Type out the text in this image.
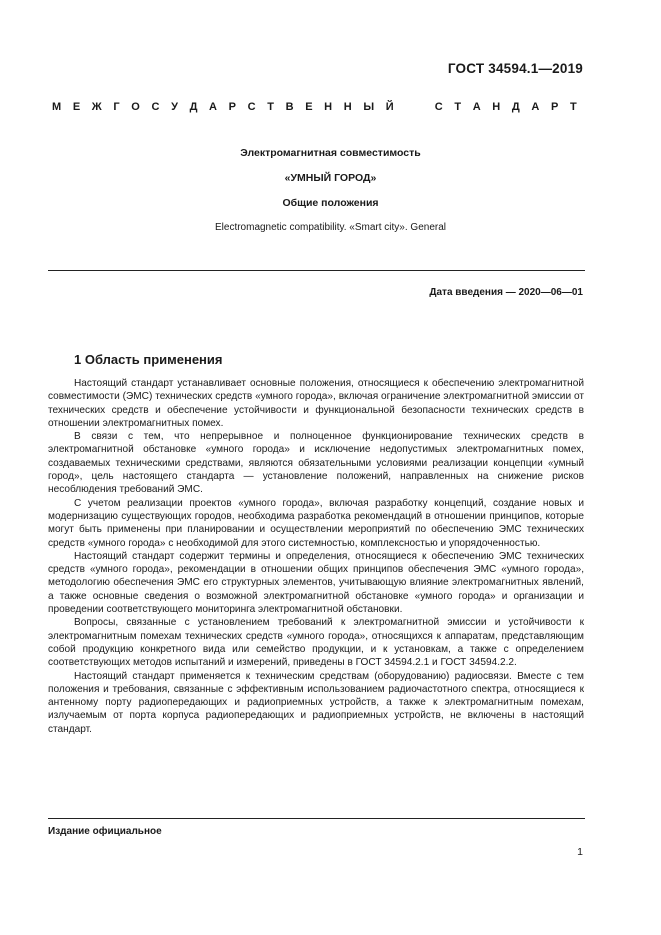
ГОСТ 34594.1—2019
М Е Ж Г О С У Д А Р С Т В Е Н Н Ы Й

	С Т А Н Д А Р Т
Электромагнитная совместимость
«УМНЫЙ ГОРОД»
Общие положения
Electromagnetic compatibility. «Smart city». General
Дата введения — 2020—06—01
1 Область применения

Настоящий стандарт устанавливает основные положения, относящиеся к обеспечению электромагнитной совместимости (ЭМС) технических средств «умного города», включая ограничение электромагнитной эмиссии от технических средств и обеспечение устойчивости и функциональной безопасности технических средств в отношении электромагнитных помех.

В связи с тем, что непрерывное и полноценное функционирование технических средств в электромагнитной обстановке «умного города» и исключение недопустимых электромагнитных помех, создаваемых техническими средствами, являются обязательными условиями реализации концепции «умный город», цель настоящего стандарта — установление положений, направленных на снижение рисков несоблюдения требований ЭМС.

С учетом реализации проектов «умного города», включая разработку концепций, создание новых и модернизацию существующих городов, необходима разработка рекомендаций в отношении принципов, которые могут быть применены при планировании и осуществлении мероприятий по обеспечению ЭМС технических средств «умного города» с необходимой для этого системностью, комплексностью и упорядоченностью.

Настоящий стандарт содержит термины и определения, относящиеся к обеспечению ЭМС технических средств «умного города», рекомендации в отношении общих принципов обеспечения ЭМС «умного города», методологию обеспечения ЭМС его структурных элементов, учитывающую влияние электромагнитных явлений, а также основные сведения о возможной электромагнитной обстановке «умного города» и организации и проведении соответствующего мониторинга электромагнитной обстановки.

Вопросы, связанные с установлением требований к электромагнитной эмиссии и устойчивости к электромагнитным помехам технических средств «умного города», относящихся к аппаратам, представляющим собой продукцию конкретного вида или семейство продукции, и к установкам, а также с определением соответствующих методов испытаний и измерений, приведены в ГОСТ 34594.2.1 и ГОСТ 34594.2.2.

Настоящий стандарт применяется к техническим средствам (оборудованию) радиосвязи. Вместе с тем положения и требования, связанные с эффективным использованием радиочастотного спектра, относящиеся к антенному порту радиопередающих и радиоприемных устройств, а также к электромагнитным помехам, излучаемым от порта корпуса радиопередающих и радиоприемных устройств, не включены в настоящий стандарт.

Издание официальное
1
